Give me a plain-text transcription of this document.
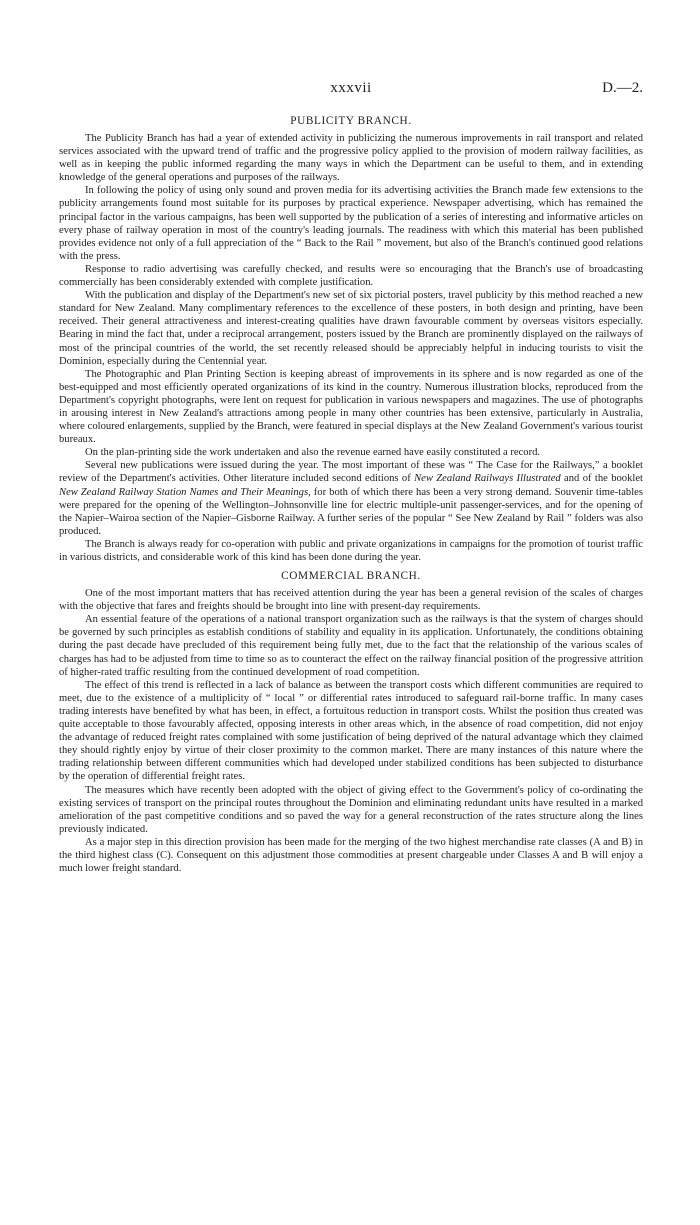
xxxvii	D.—2.
PUBLICITY BRANCH.

The Publicity Branch has had a year of extended activity in publicizing the numerous improvements in rail transport and related services associated with the upward trend of traffic and the progressive policy applied to the provision of modern railway facilities, as well as in keeping the public informed regarding the many ways in which the Department can be useful to them, and in extending knowledge of the general operations and purposes of the railways.

In following the policy of using only sound and proven media for its advertising activities the Branch made few extensions to the publicity arrangements found most suitable for its purposes by practical experience. Newspaper advertising, which has remained the principal factor in the various campaigns, has been well supported by the publication of a series of interesting and informative articles on every phase of railway operation in most of the country's leading journals. The readiness with which this material has been published provides evidence not only of a full appreciation of the “ Back to the Rail ” movement, but also of the Branch's continued good relations with the press.

Response to radio advertising was carefully checked, and results were so encouraging that the Branch's use of broadcasting commercially has been considerably extended with complete justification.

With the publication and display of the Department's new set of six pictorial posters, travel publicity by this method reached a new standard for New Zealand. Many complimentary references to the excellence of these posters, in both design and printing, have been received. Their general attractiveness and interest-creating qualities have drawn favourable comment by overseas visitors especially. Bearing in mind the fact that, under a reciprocal arrangement, posters issued by the Branch are prominently displayed on the railways of most of the principal countries of the world, the set recently released should be appreciably helpful in inducing tourists to visit the Dominion, especially during the Centennial year.

The Photographic and Plan Printing Section is keeping abreast of improvements in its sphere and is now regarded as one of the best-equipped and most efficiently operated organizations of its kind in the country. Numerous illustration blocks, reproduced from the Department's copyright photographs, were lent on request for publication in various newspapers and magazines. The use of photographs in arousing interest in New Zealand's attractions among people in many other countries has been extensive, particularly in Australia, where coloured enlargements, supplied by the Branch, were featured in special displays at the New Zealand Government's various tourist bureaux.

On the plan-printing side the work undertaken and also the revenue earned have easily constituted a record.

Several new publications were issued during the year. The most important of these was “ The Case for the Railways,” a booklet review of the Department's activities. Other literature included second editions of New Zealand Railways Illustrated and of the booklet New Zealand Railway Station Names and Their Meanings, for both of which there has been a very strong demand. Souvenir time-tables were prepared for the opening of the Wellington–Johnsonville line for electric multiple-unit passenger-services, and for the opening of the Napier–Wairoa section of the Napier–Gisborne Railway. A further series of the popular “ See New Zealand by Rail ” folders was also produced.

The Branch is always ready for co-operation with public and private organizations in campaigns for the promotion of tourist traffic in various districts, and considerable work of this kind has been done during the year.

COMMERCIAL BRANCH.

One of the most important matters that has received attention during the year has been a general revision of the scales of charges with the objective that fares and freights should be brought into line with present-day requirements.

An essential feature of the operations of a national transport organization such as the railways is that the system of charges should be governed by such principles as establish conditions of stability and equality in its application. Unfortunately, the conditions obtaining during the past decade have precluded of this requirement being fully met, due to the fact that the relationship of the various scales of charges has had to be adjusted from time to time so as to counteract the effect on the railway financial position of the progressive attrition of higher-rated traffic resulting from the continued development of road competition.

The effect of this trend is reflected in a lack of balance as between the transport costs which different communities are required to meet, due to the existence of a multiplicity of “ local ” or differential rates introduced to safeguard rail-borne traffic. In many cases trading interests have benefited by what has been, in effect, a fortuitous reduction in transport costs. Whilst the position thus created was quite acceptable to those favourably affected, opposing interests in other areas which, in the absence of road competition, did not enjoy the advantage of reduced freight rates complained with some justification of being deprived of the natural advantage which they claimed they should rightly enjoy by virtue of their closer proximity to the common market. There are many instances of this nature where the trading relationship between different communities which had developed under stabilized conditions has been subjected to disturbance by the operation of differential freight rates.

The measures which have recently been adopted with the object of giving effect to the Government's policy of co-ordinating the existing services of transport on the principal routes throughout the Dominion and eliminating redundant units have resulted in a marked amelioration of the past competitive conditions and so paved the way for a general reconstruction of the rates structure along the lines previously indicated.

As a major step in this direction provision has been made for the merging of the two highest merchandise rate classes (A and B) in the third highest class (C). Consequent on this adjustment those commodities at present chargeable under Classes A and B will enjoy a much lower freight standard.
